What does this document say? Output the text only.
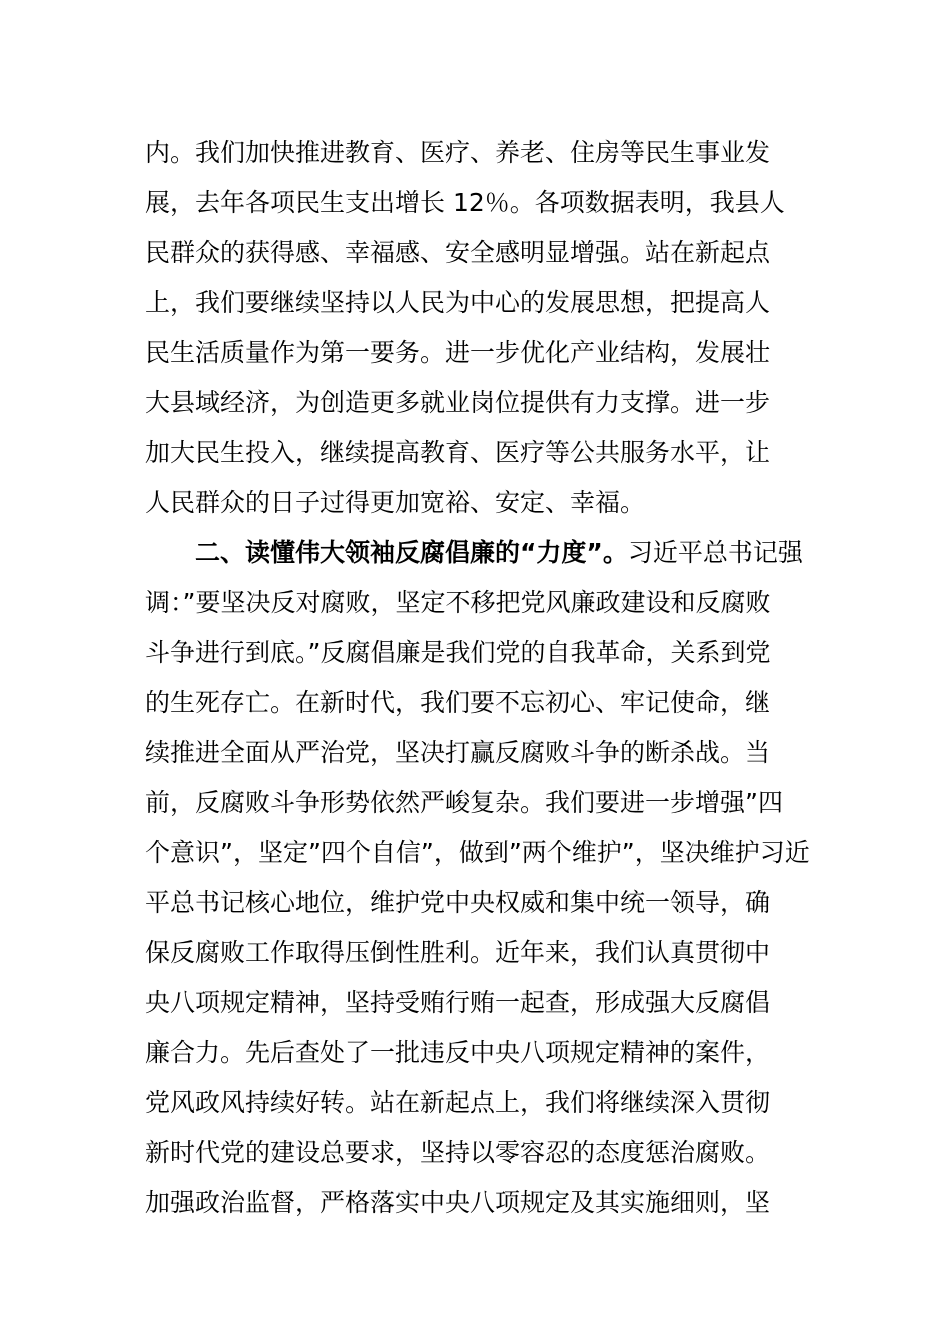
内。我们加快推进教育、医疗、养老、住房等民生事业发
展，去年各项民生支出增长 12％。各项数据表明，我县人
民群众的获得感、幸福感、安全感明显增强。站在新起点
上，我们要继续坚持以人民为中心的发展思想，把提高人
民生活质量作为第一要务。进一步优化产业结构，发展壮
大县域经济，为创造更多就业岗位提供有力支撑。进一步
加大民生投入，继续提高教育、医疗等公共服务水平，让
人民群众的日子过得更加宽裕、安定、幸福。
二、读懂伟大领袖反腐倡廉的“力度”。习近平总书记强
调：”要坚决反对腐败，坚定不移把党风廉政建设和反腐败
斗争进行到底。”反腐倡廉是我们党的自我革命，关系到党
的生死存亡。在新时代，我们要不忘初心、牢记使命，继
续推进全面从严治党，坚决打赢反腐败斗争的断杀战。当
前，反腐败斗争形势依然严峻复杂。我们要进一步增强”四
个意识”，坚定”四个自信”，做到”两个维护”，坚决维护习近
平总书记核心地位，维护党中央权威和集中统一领导，确
保反腐败工作取得压倒性胜利。近年来，我们认真贯彻中
央八项规定精神，坚持受贿行贿一起查，形成强大反腐倡
廉合力。先后查处了一批违反中央八项规定精神的案件，
党风政风持续好转。站在新起点上，我们将继续深入贯彻
新时代党的建设总要求，坚持以零容忍的态度惩治腐败。
加强政治监督，严格落实中央八项规定及其实施细则，坚
